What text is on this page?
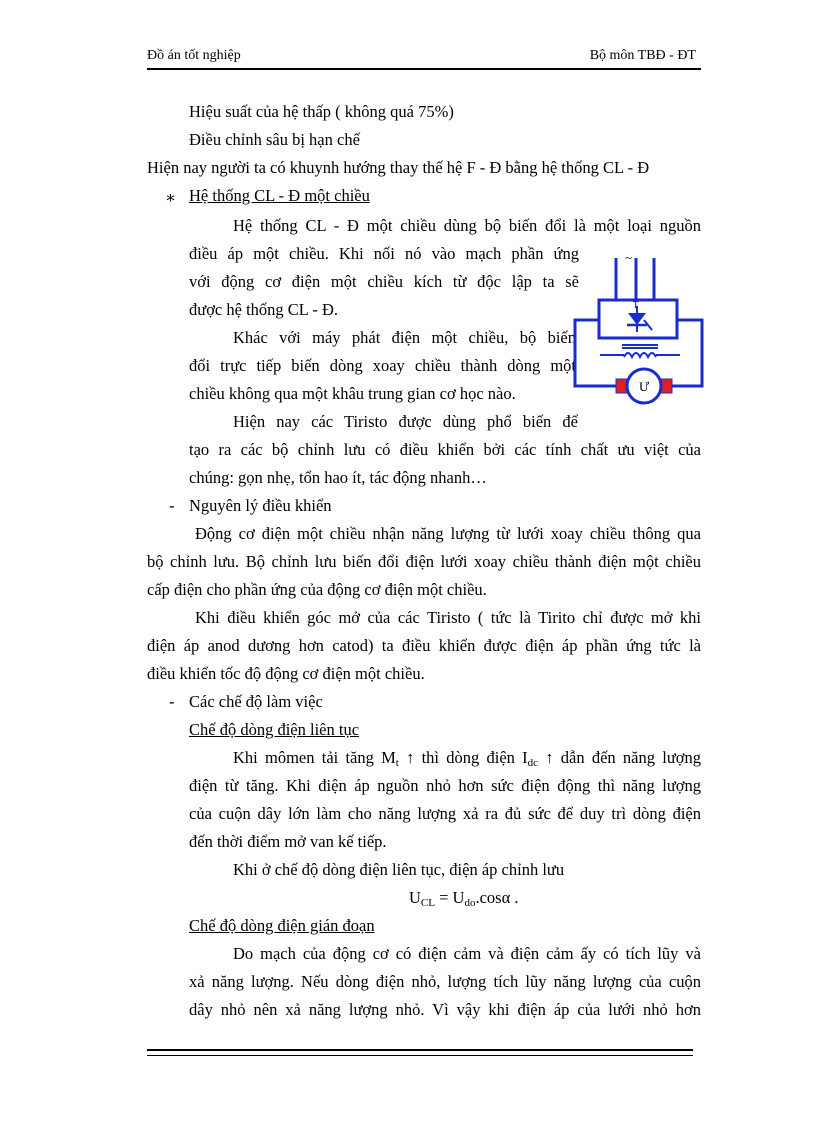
Đồ án tốt nghiệp	Bộ môn TBĐ - ĐT
Hiệu suất của hệ thấp ( không quá 75%)
Điều chỉnh sâu bị hạn chế
Hiện nay người ta có khuynh hướng thay thế hệ F - Đ bằng hệ thống CL - Đ
∗ Hệ thống CL - Đ một chiều
Hệ thống CL - Đ một chiều dùng bộ biến đổi là một loại nguồn
điều áp một chiều. Khi nối nó vào mạch phần ứng
với động cơ điện một chiều kích từ độc lập ta sẽ
được hệ thống CL - Đ.
Khác với máy phát điện một chiều, bộ biến
đổi trực tiếp biến dòng xoay chiều thành dòng một
chiều không qua một khâu trung gian cơ học nào.
Hiện nay các Tiristo được dùng phổ biến để
tạo ra các bộ chỉnh lưu có điều khiển bởi các tính chất ưu việt của
chúng: gọn nhẹ, tổn hao ít, tác động nhanh…
- Nguyên lý điều khiển
Động cơ điện một chiều nhận năng lượng từ lưới xoay chiều thông qua
bộ chỉnh lưu. Bộ chỉnh lưu biến đổi điện lưới xoay chiều thành điện một chiều
cấp điện cho phần ứng của động cơ điện một chiều.
Khi điều khiển góc mở của các Tiristo ( tức là Tirito chỉ được mở khi
điện áp anod dương hơn catod) ta điều khiển được điện áp phần ứng tức là
điều khiển tốc độ động cơ điện một chiều.
- Các chế độ làm việc
Chế độ dòng điện liên tục
Khi mômen tải tăng $M_t$ ↑ thì dòng điện $I_{dc}$ ↑ dẫn đến năng lượng
điện từ tăng. Khi điện áp nguồn nhỏ hơn sức điện động thì năng lượng
của cuộn dây lớn làm cho năng lượng xả ra đủ sức để duy trì dòng điện
đến thời điểm mở van kế tiếp.
Khi ở chế độ dòng điện liên tục, điện áp chỉnh lưu
$U_{CL} = U_{do}.\cos\alpha$ .
Chế độ dòng điện gián đoạn
Do mạch của động cơ có điện cảm và điện cảm ấy có tích lũy và
xả năng lượng. Nếu dòng điện nhỏ, lượng tích lũy năng lượng của cuộn
dây nhỏ nên xả năng lượng nhỏ. Vì vậy khi điện áp của lưới nhỏ hơn
~
T
Ư
